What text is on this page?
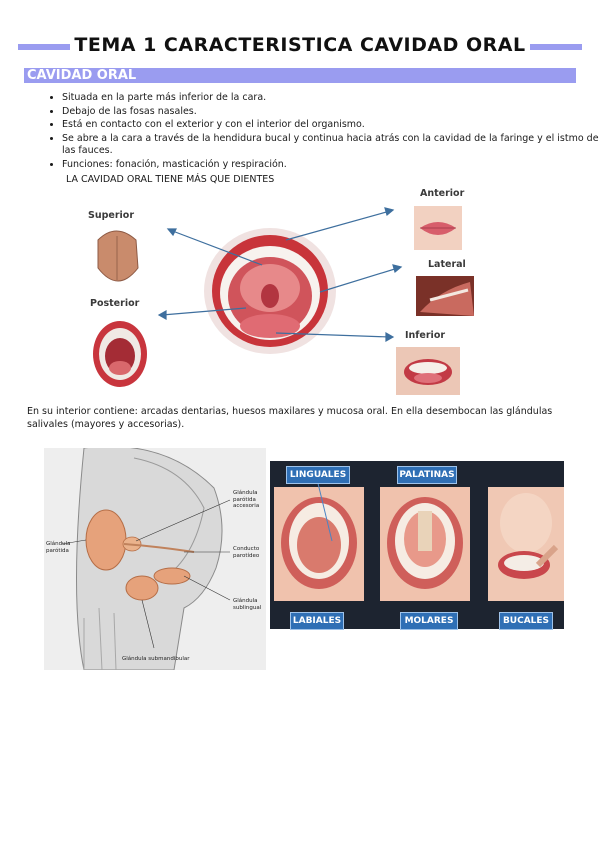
TEMA 1 CARACTERISTICA CAVIDAD ORAL
CAVIDAD ORAL
• Situada en la parte más inferior de la cara.
• Debajo de las fosas nasales.
• Está en contacto con el exterior y con el interior del organismo.
• Se abre a la cara a través de la hendidura bucal y continua hacia atrás con la cavidad de la faringe y el istmo de las fauces.
• Funciones: fonación, masticación y respiración.
LA CAVIDAD ORAL TIENE MÁS QUE DIENTES
Superior
Posterior
Anterior
Lateral
Inferior
En su interior contiene: arcadas dentarias, huesos maxilares y mucosa oral. En ella desembocan las glándulas salivales (mayores y accesorias).
Glándula parótida
Glándula parótida accesoria
Conducto parotídeo
Glándula sublingual
Glándula submandibular
LINGUALES	PALATINAS
LABIALES	MOLARES	BUCALES
